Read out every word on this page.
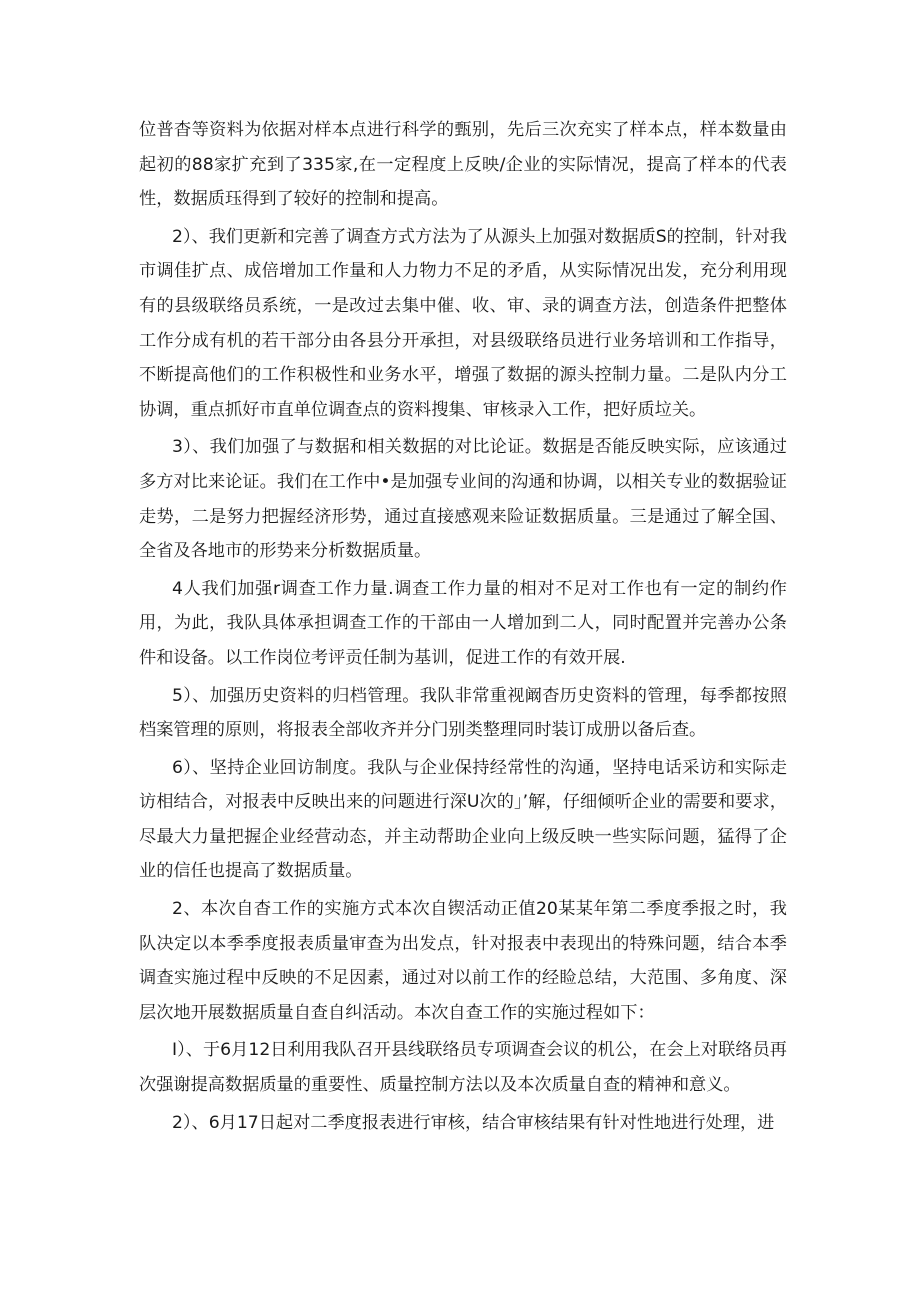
位普杳等资料为依据对样本点进行科学的甄别，先后三次充实了样本点，样本数量由起初的88家扩充到了335家,在一定程度上反映/企业的实际情况，提高了样本的代表性，数据质珏得到了较好的控制和提高。

2）、我们更新和完善了调查方式方法为了从源头上加强对数据质S的控制，针对我市调佳扩点、成倍增加工作量和人力物力不足的矛盾，从实际情况出发，充分利用现有的县级联络员系统，一是改过去集中催、收、审、录的调查方法，创造条件把整体工作分成有机的若干部分由各县分开承担，对县级联络员进行业务培训和工作指导，不断提高他们的工作积极性和业务水平，增强了数据的源头控制力量。二是队内分工协调，重点抓好市直单位调查点的资料搜集、审核录入工作，把好质垃关。

3）、我们加强了与数据和相关数据的对比论证。数据是否能反映实际，应该通过多方对比来论证。我们在工作中•是加强专业间的沟通和协调，以相关专业的数据验证走势，二是努力把握经济形势，通过直接感观来险证数据质量。三是通过了解全国、全省及各地市的形势来分析数据质量。

4人我们加强r调查工作力量.调查工作力量的相对不足对工作也有一定的制约作用，为此，我队具体承担调查工作的干部由一人增加到二人，同时配置并完善办公条件和设备。以工作岗位考评贡任制为基训，促进工作的有效开展.

5）、加强历史资料的归档管理。我队非常重视阚杳历史资料的管理，每季都按照档案管理的原则，将报表全部收齐并分门别类整理同时装订成册以备后查。

6）、坚持企业回访制度。我队与企业保持经常性的沟通，坚持电话采访和实际走访相结合，对报表中反映出来的问题进行深U次的」’解，仔细倾听企业的需要和要求，尽最大力量把握企业经营动态，并主动帮助企业向上级反映一些实际问题，猛得了企业的信任也提高了数据质量。

2、本次自杳工作的实施方式本次自锲活动正值20某某年第二季度季报之时，我队决定以本季季度报表质量审查为出发点，针对报表中表现出的特殊问题，结合本季调查实施过程中反映的不足因素，通过对以前工作的经睑总结，大范围、多角度、深层次地开展数据质量自查自纠活动。本次自查工作的实施过程如下：

I）、于6月12日利用我队召开县线联络员专项调查会议的机公，在会上对联络员再次强谢提高数据质量的重要性、质量控制方法以及本次质量自查的精神和意义。

2）、6月17日起对二季度报表进行审核，结合审核结果有针对性地进行处理，进
